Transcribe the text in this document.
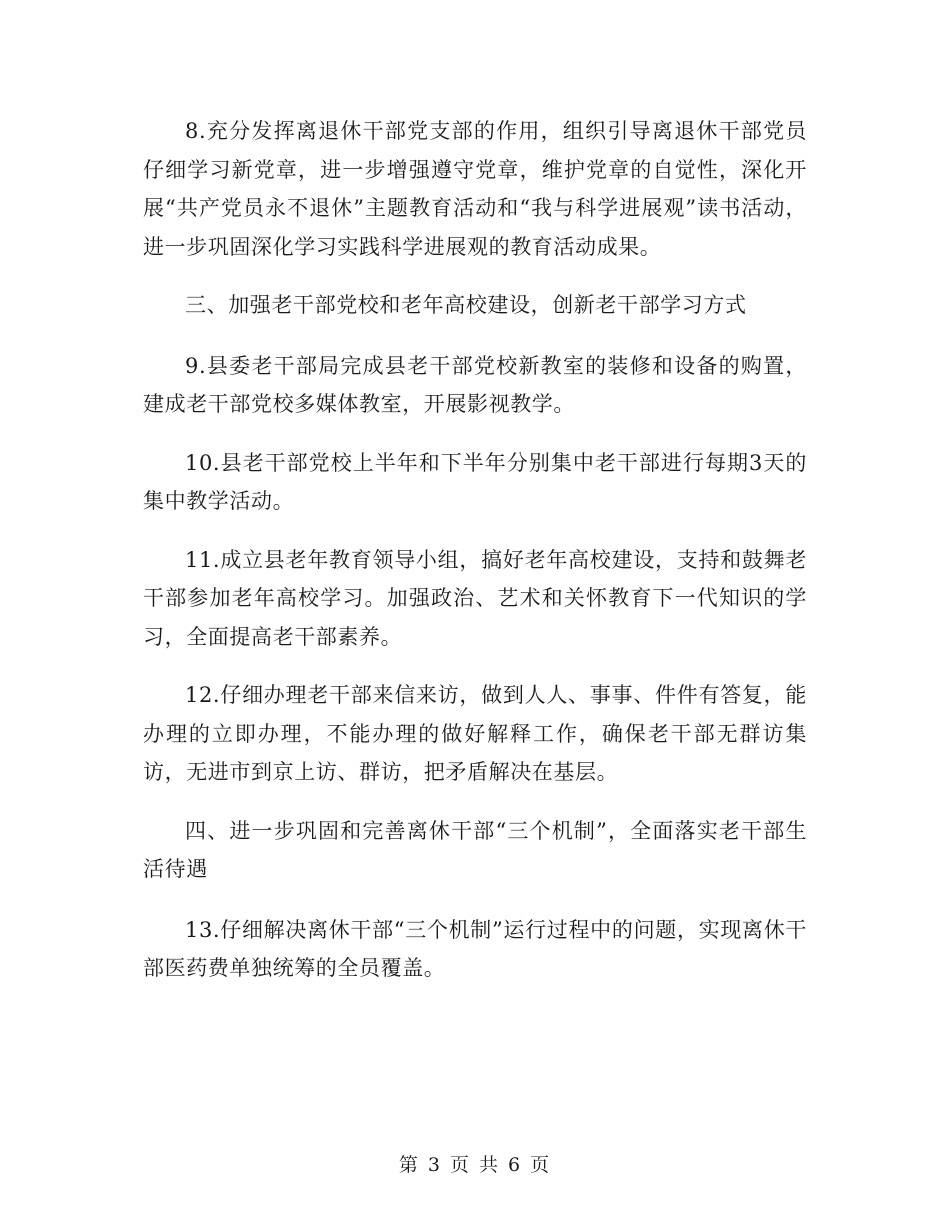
8.充分发挥离退休干部党支部的作用，组织引导离退休干部党员仔细学习新党章，进一步增强遵守党章，维护党章的自觉性，深化开展“共产党员永不退休”主题教育活动和“我与科学进展观”读书活动，进一步巩固深化学习实践科学进展观的教育活动成果。

三、加强老干部党校和老年高校建设，创新老干部学习方式

9.县委老干部局完成县老干部党校新教室的装修和设备的购置，建成老干部党校多媒体教室，开展影视教学。

10.县老干部党校上半年和下半年分别集中老干部进行每期3天的集中教学活动。

11.成立县老年教育领导小组，搞好老年高校建设，支持和鼓舞老干部参加老年高校学习。加强政治、艺术和关怀教育下一代知识的学习，全面提高老干部素养。

12.仔细办理老干部来信来访，做到人人、事事、件件有答复，能办理的立即办理，不能办理的做好解释工作，确保老干部无群访集访，无进市到京上访、群访，把矛盾解决在基层。

四、进一步巩固和完善离休干部“三个机制”，全面落实老干部生活待遇

13.仔细解决离休干部“三个机制”运行过程中的问题，实现离休干部医药费单独统筹的全员覆盖。

第 3 页 共 6 页
